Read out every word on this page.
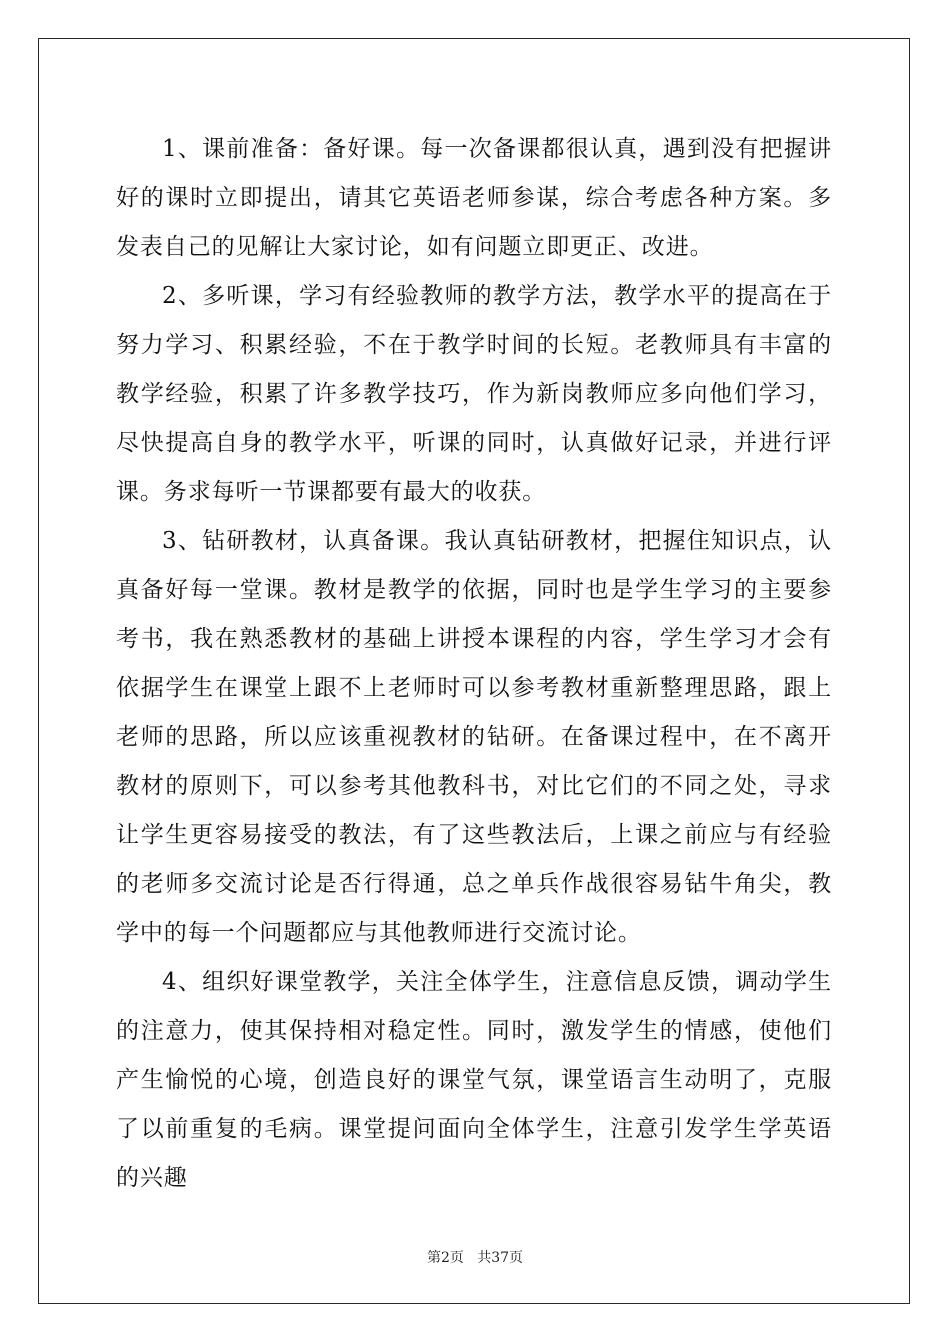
1、课前准备：备好课。每一次备课都很认真，遇到没有把握讲好的课时立即提出，请其它英语老师参谋，综合考虑各种方案。多发表自己的见解让大家讨论，如有问题立即更正、改进。

2、多听课，学习有经验教师的教学方法，教学水平的提高在于努力学习、积累经验，不在于教学时间的长短。老教师具有丰富的教学经验，积累了许多教学技巧，作为新岗教师应多向他们学习，尽快提高自身的教学水平，听课的同时，认真做好记录，并进行评课。务求每听一节课都要有最大的收获。

3、钻研教材，认真备课。我认真钻研教材，把握住知识点，认真备好每一堂课。教材是教学的依据，同时也是学生学习的主要参考书，我在熟悉教材的基础上讲授本课程的内容，学生学习才会有依据学生在课堂上跟不上老师时可以参考教材重新整理思路，跟上老师的思路，所以应该重视教材的钻研。在备课过程中，在不离开教材的原则下，可以参考其他教科书，对比它们的不同之处，寻求让学生更容易接受的教法，有了这些教法后，上课之前应与有经验的老师多交流讨论是否行得通，总之单兵作战很容易钻牛角尖，教学中的每一个问题都应与其他教师进行交流讨论。

4、组织好课堂教学，关注全体学生，注意信息反馈，调动学生的注意力，使其保持相对稳定性。同时，激发学生的情感，使他们产生愉悦的心境，创造良好的课堂气氛，课堂语言生动明了，克服了以前重复的毛病。课堂提问面向全体学生，注意引发学生学英语的兴趣

第2页   共37页
